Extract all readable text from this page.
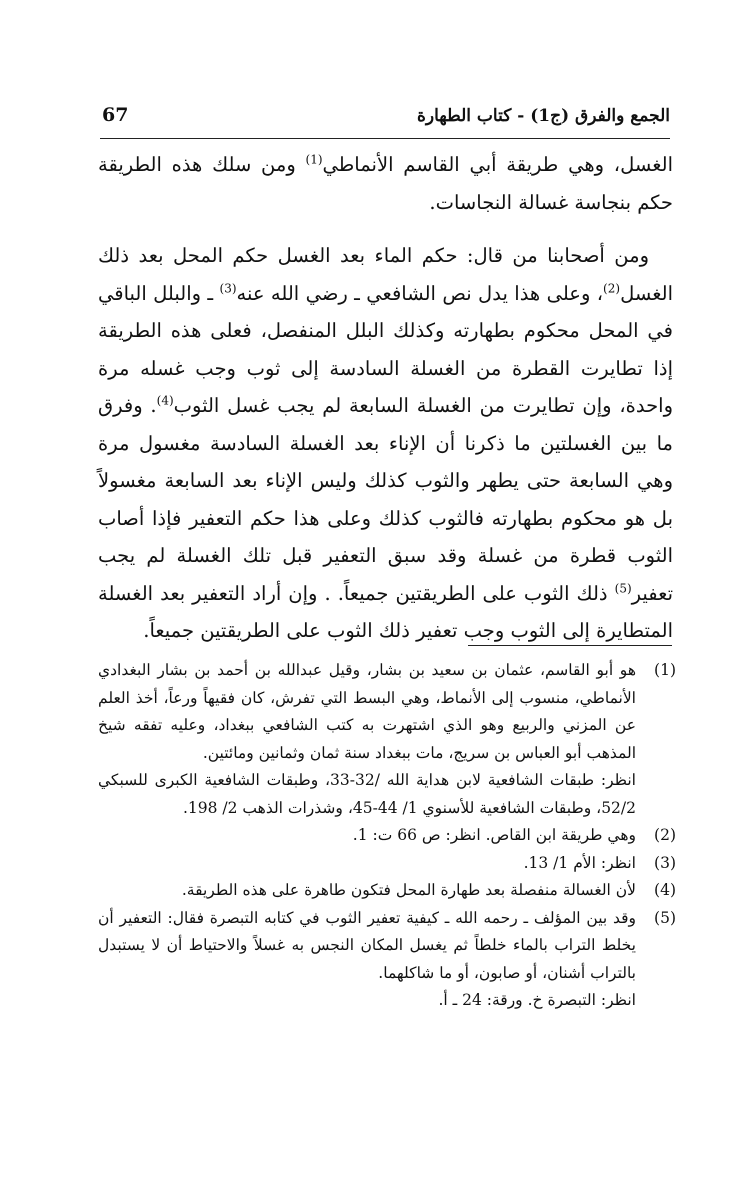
الجمع والفرق (ج1) - كتاب الطهارة
67

الغسل، وهي طريقة أبي القاسم الأنماطي$^{(1)}$ ومن سلك هذه الطريقة حكم بنجاسة غسالة النجاسات.

ومن أصحابنا من قال: حكم الماء بعد الغسل حكم المحل بعد ذلك الغسل$^{(2)}$، وعلى هذا يدل نص الشافعي ـ رضي الله عنه$^{(3)}$ ـ والبلل الباقي في المحل محكوم بطهارته وكذلك البلل المنفصل، فعلى هذه الطريقة إذا تطايرت القطرة من الغسلة السادسة إلى ثوب وجب غسله مرة واحدة، وإن تطايرت من الغسلة السابعة لم يجب غسل الثوب$^{(4)}$. وفرق ما بين الغسلتين ما ذكرنا أن الإناء بعد الغسلة السادسة مغسول مرة وهي السابعة حتى يطهر والثوب كذلك وليس الإناء بعد السابعة مغسولاً بل هو محكوم بطهارته فالثوب كذلك وعلى هذا حكم التعفير فإذا أصاب الثوب قطرة من غسلة وقد سبق التعفير قبل تلك الغسلة لم يجب تعفير$^{(5)}$ ذلك الثوب على الطريقتين جميعاً. . وإن أراد التعفير بعد الغسلة المتطايرة إلى الثوب وجب تعفير ذلك الثوب على الطريقتين جميعاً.

(1)
هو أبو القاسم، عثمان بن سعيد بن بشار، وقيل عبدالله بن أحمد بن بشار البغدادي الأنماطي، منسوب إلى الأنماط، وهي البسط التي تفرش، كان فقيهاً ورعاً، أخذ العلم عن المزني والربيع وهو الذي اشتهرت به كتب الشافعي ببغداد، وعليه تفقه شيخ المذهب أبو العباس بن سريج، مات ببغداد سنة ثمان وثمانين ومائتين.
انظر: طبقات الشافعية لابن هداية الله /32-33، وطبقات الشافعية الكبرى للسبكي 52/2، وطبقات الشافعية للأسنوي 1/ 44-45، وشذرات الذهب 2/ 198.
(2)
وهي طريقة ابن القاص. انظر: ص 66 ت: 1.
(3)
انظر: الأم 1/ 13.
(4)
لأن الغسالة منفصلة بعد طهارة المحل فتكون طاهرة على هذه الطريقة.
(5)
وقد بين المؤلف ـ رحمه الله ـ كيفية تعفير الثوب في كتابه التبصرة فقال: التعفير أن يخلط التراب بالماء خلطاً ثم يغسل المكان النجس به غسلاً والاحتياط أن لا يستبدل بالتراب أشنان، أو صابون، أو ما شاكلهما.
انظر: التبصرة خ. ورقة: 24 ـ أ.
